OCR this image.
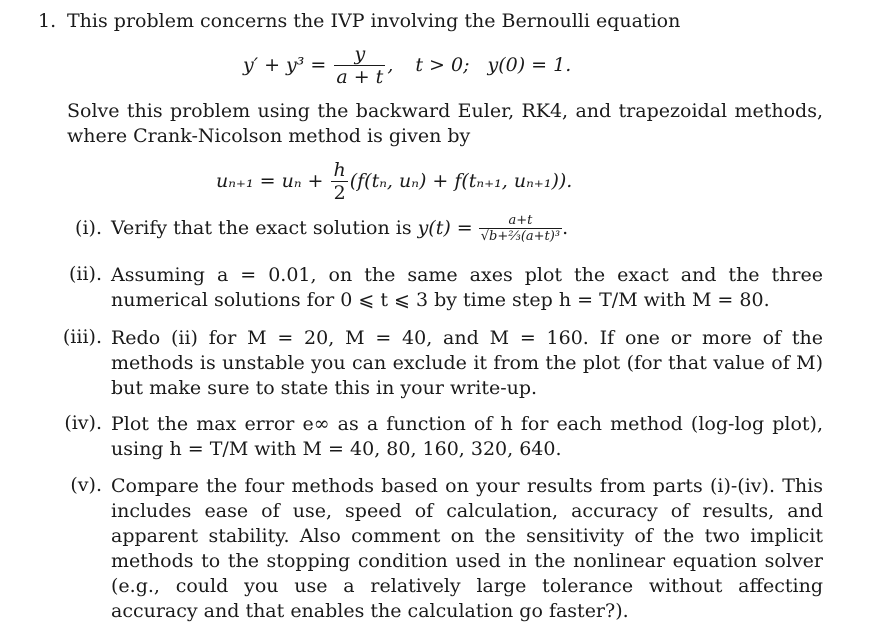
1. This problem concerns the IVP involving the Bernoulli equation
$y' + y^3 = \frac{y}{a + t}$ , t > 0; y(0) = 1.
Solve this problem using the backward Euler, RK4, and trapezoidal methods, where Crank-Nicolson method is given by
$u_{n+1} = u_n + \frac{h}{2} (f(t_n$, uₙ) + f(tₙ₊₁, uₙ₊₁)).
(i). Verify that the exact solution is $y(t) = \frac{a+t}{\text{√b+⅔(a+t)³}}$ .
(ii). Assuming a = 0.01, on the same axes plot the exact and the three numerical solutions for 0 ⩽ t ⩽ 3 by time step h = T/M with M = 80.
(iii). Redo (ii) for M = 20, M = 40, and M = 160. If one or more of the methods is unstable you can exclude it from the plot (for that value of M) but make sure to state this in your write-up.
(iv). Plot the max error e∞ as a function of h for each method (log-log plot), using h = T/M with M = 40, 80, 160, 320, 640.
(v). Compare the four methods based on your results from parts (i)-(iv). This includes ease of use, speed of calculation, accuracy of results, and apparent stability. Also comment on the sensitivity of the two implicit methods to the stopping condition used in the nonlinear equation solver (e.g., could you use a relatively large tolerance without affecting accuracy and that enables the calculation go faster?).
